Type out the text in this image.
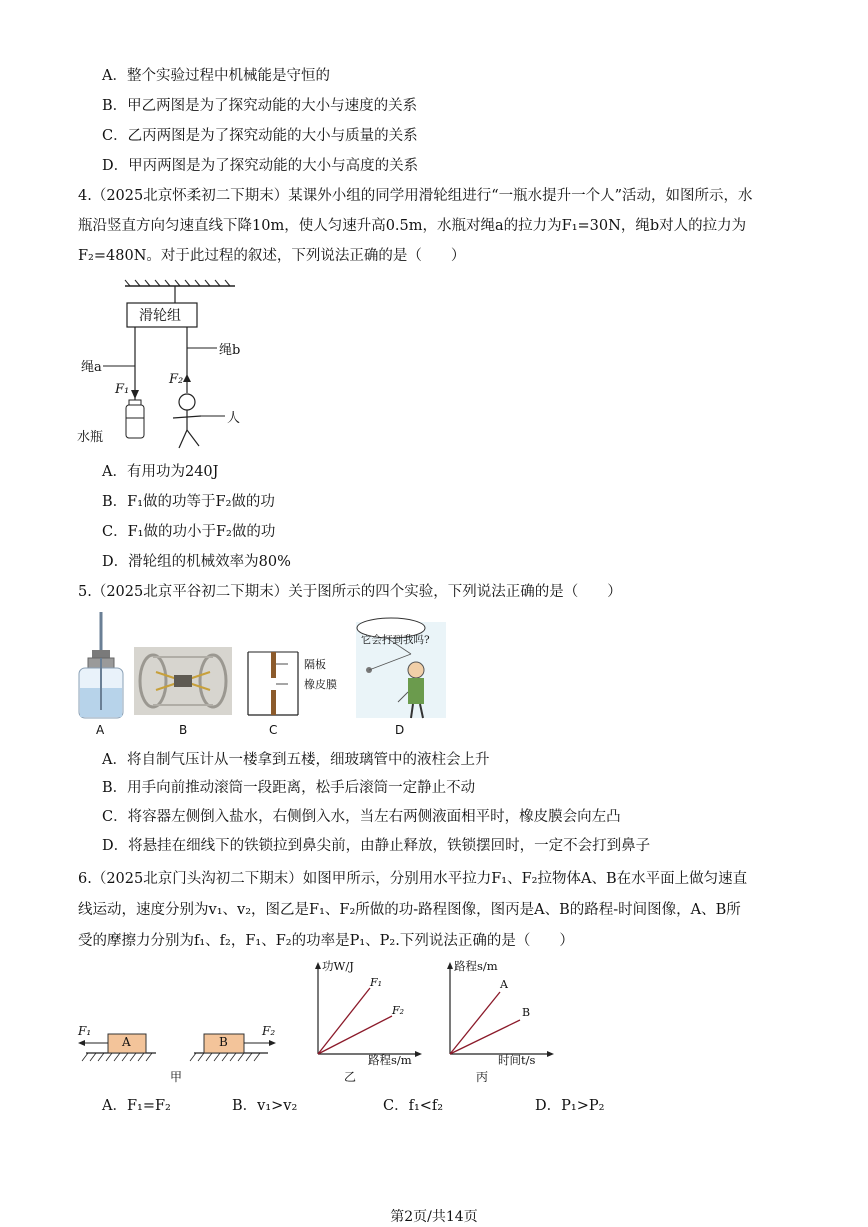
A．整个实验过程中机械能是守恒的
B．甲乙两图是为了探究动能的大小与速度的关系
C．乙丙两图是为了探究动能的大小与质量的关系
D．甲丙两图是为了探究动能的大小与高度的关系
4.（2025北京怀柔初二下期末）某课外小组的同学用滑轮组进行“一瓶水提升一个人”活动，如图所示，水
瓶沿竖直方向匀速直线下降10m，使人匀速升高0.5m，水瓶对绳a的拉力为F₁=30N，绳b对人的拉力为
F₂=480N。对于此过程的叙述，下列说法正确的是（　　）
滑轮组
绳a
绳b
F₁
F₂
水瓶
人
A．有用功为240J
B．F₁做的功等于F₂做的功
C．F₁做的功小于F₂做的功
D．滑轮组的机械效率为80%
5.（2025北京平谷初二下期末）关于图所示的四个实验，下列说法正确的是（　　）
隔板
橡皮膜
它会打到我吗?
A	B	C	D
A．将自制气压计从一楼拿到五楼，细玻璃管中的液柱会上升
B．用手向前推动滚筒一段距离，松手后滚筒一定静止不动
C．将容器左侧倒入盐水，右侧倒入水，当左右两侧液面相平时，橡皮膜会向左凸
D．将悬挂在细线下的铁锁拉到鼻尖前，由静止释放，铁锁摆回时，一定不会打到鼻子
6.（2025北京门头沟初二下期末）如图甲所示，分别用水平拉力F₁、F₂拉物体A、B在水平面上做匀速直
线运动，速度分别为v₁、v₂，图乙是F₁、F₂所做的功-路程图像，图丙是A、B的路程-时间图像，A、B所
受的摩擦力分别为f₁、f₂，F₁、F₂的功率是P₁、P₂.下列说法正确的是（　　）
F₁	F₂
A	B
甲
功W/J
路程s/m
F₁
F₂
乙
路程s/m
时间t/s
A
B
丙
A．F₁=F₂	B．v₁>v₂	C．f₁<f₂	D．P₁>P₂
第2页/共14页
